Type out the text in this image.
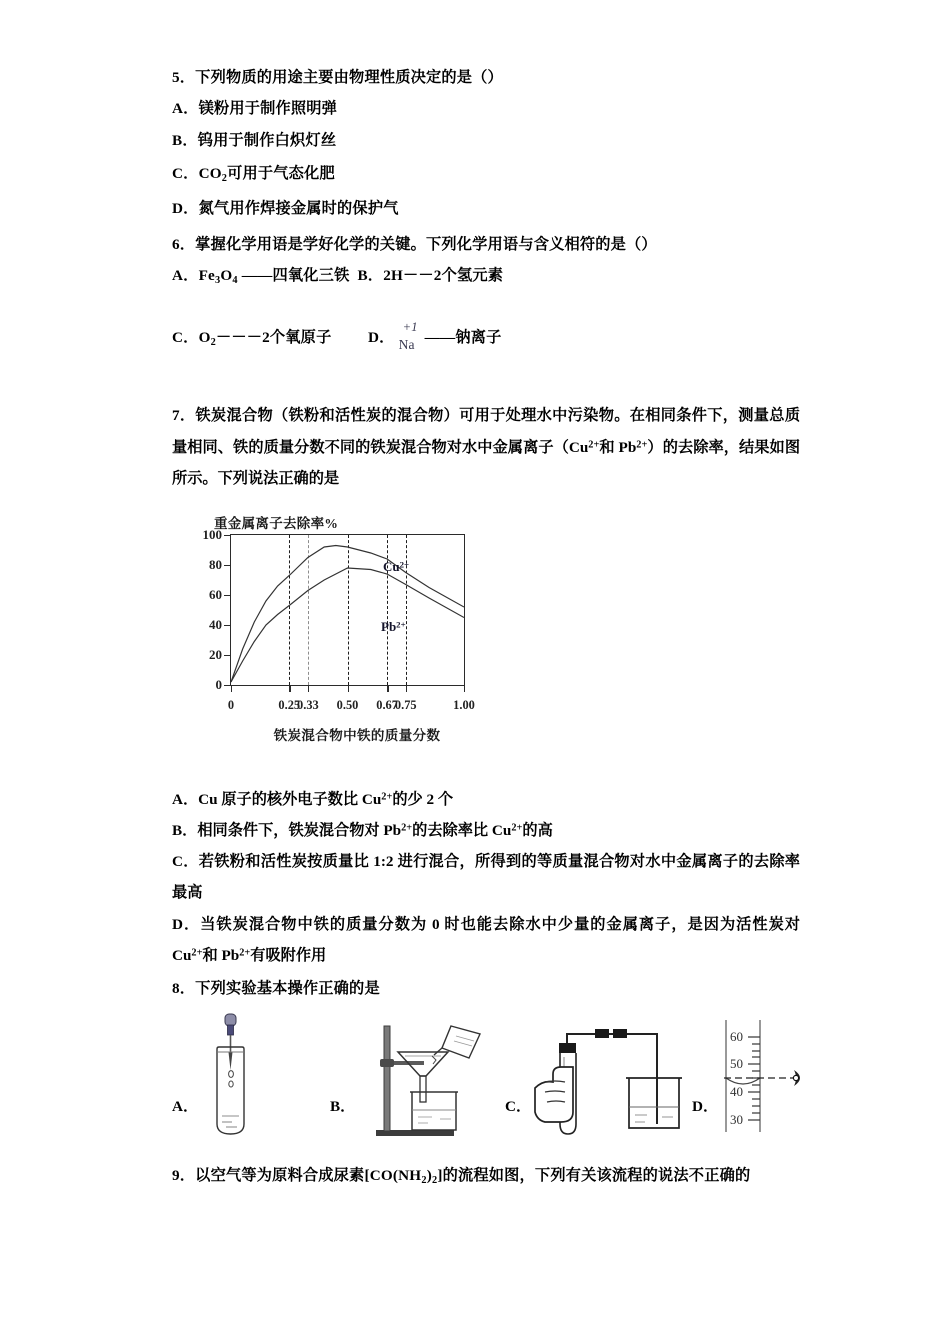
5．下列物质的用途主要由物理性质决定的是（）
A．镁粉用于制作照明弹
B．钨用于制作白炽灯丝
C．$CO_2$可用于气态化肥
D．氮气用作焊接金属时的保护气
6．掌握化学用语是学好化学的关键。下列化学用语与含义相符的是（）
A．$Fe_3O_4$ ——四氧化三铁 B．2H－－2个氢元素
C．$O_2---2$个氧原子 D．
+1
Na ——钠离子
7．铁炭混合物（铁粉和活性炭的混合物）可用于处理水中污染物。在相同条件下，测量总质量相同、铁的质量分数不同的铁炭混合物对水中金属离子（$Cu^{2+}$和 $Pb^{2+}$）的去除率，结果如图所示。下列说法正确的是
重金属离子去除率%
100
80
60
40
20
0
0	0.25
0.33 0.50 0.67
0.75	1.00
$Cu^{2+}$
$Pb^{2+}$
铁炭混合物中铁的质量分数
A．Cu 原子的核外电子数比 $Cu^{2+}$的少 2 个
B．相同条件下，铁炭混合物对 $Pb^{2+}$的去除率比 $Cu^{2+}$的高
C．若铁粉和活性炭按质量比 1:2 进行混合，所得到的等质量混合物对水中金属离子的去除率最高
D．当铁炭混合物中铁的质量分数为 0 时也能去除水中少量的金属离子，是因为活性炭对 $Cu^{2+}$和 $Pb^{2+}$有吸附作用
8．下列实验基本操作正确的是
A．	B．	C．	D．
60
50
40
30
9．以空气等为原料合成尿素$[CO(NH_2)_2]$的流程如图，下列有关该流程的说法不正确的
